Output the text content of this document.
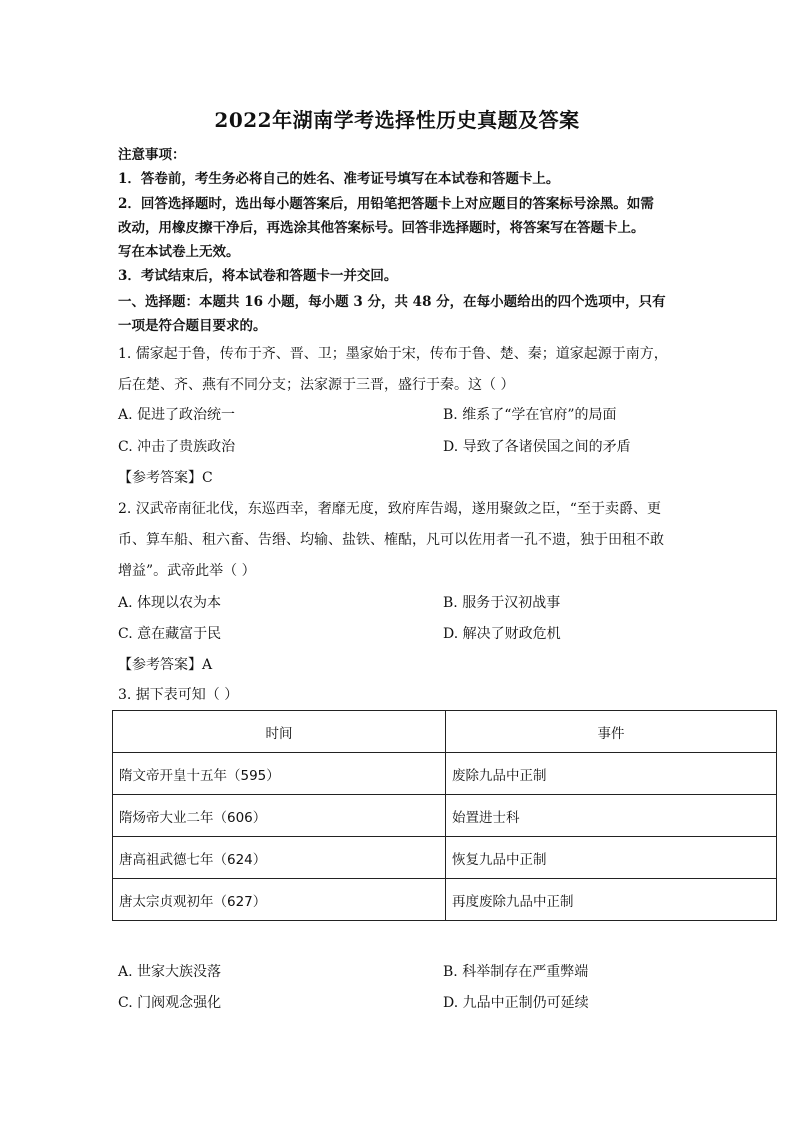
2022年湖南学考选择性历史真题及答案
注意事项：
1．答卷前，考生务必将自己的姓名、准考证号填写在本试卷和答题卡上。
2．回答选择题时，选出每小题答案后，用铅笔把答题卡上对应题目的答案标号涂黑。如需
改动，用橡皮擦干净后，再选涂其他答案标号。回答非选择题时，将答案写在答题卡上。
写在本试卷上无效。
3．考试结束后，将本试卷和答题卡一并交回。
一、选择题：本题共 16 小题，每小题 3 分，共 48 分，在每小题给出的四个选项中，只有
一项是符合题目要求的。
1. 儒家起于鲁，传布于齐、晋、卫；墨家始于宋，传布于鲁、楚、秦；道家起源于南方，
后在楚、齐、燕有不同分支；法家源于三晋，盛行于秦。这（ ）
A. 促进了政治统一	B. 维系了“学在官府”的局面
C. 冲击了贵族政治	D. 导致了各诸侯国之间的矛盾
【参考答案】C
2. 汉武帝南征北伐，东巡西幸，奢靡无度，致府库告竭，遂用聚敛之臣，“至于卖爵、更
币、算车船、租六畜、告缗、均输、盐铁、榷酤，凡可以佐用者一孔不遗，独于田租不敢
增益”。武帝此举（ ）
A. 体现以农为本	B. 服务于汉初战事
C. 意在藏富于民	D. 解决了财政危机
【参考答案】A
3. 据下表可知（ ）
时间	事件
隋文帝开皇十五年（595）	废除九品中正制
隋炀帝大业二年（606）	始置进士科
唐高祖武德七年（624）	恢复九品中正制
唐太宗贞观初年（627）	再度废除九品中正制
A. 世家大族没落	B. 科举制存在严重弊端
C. 门阀观念强化	D. 九品中正制仍可延续
